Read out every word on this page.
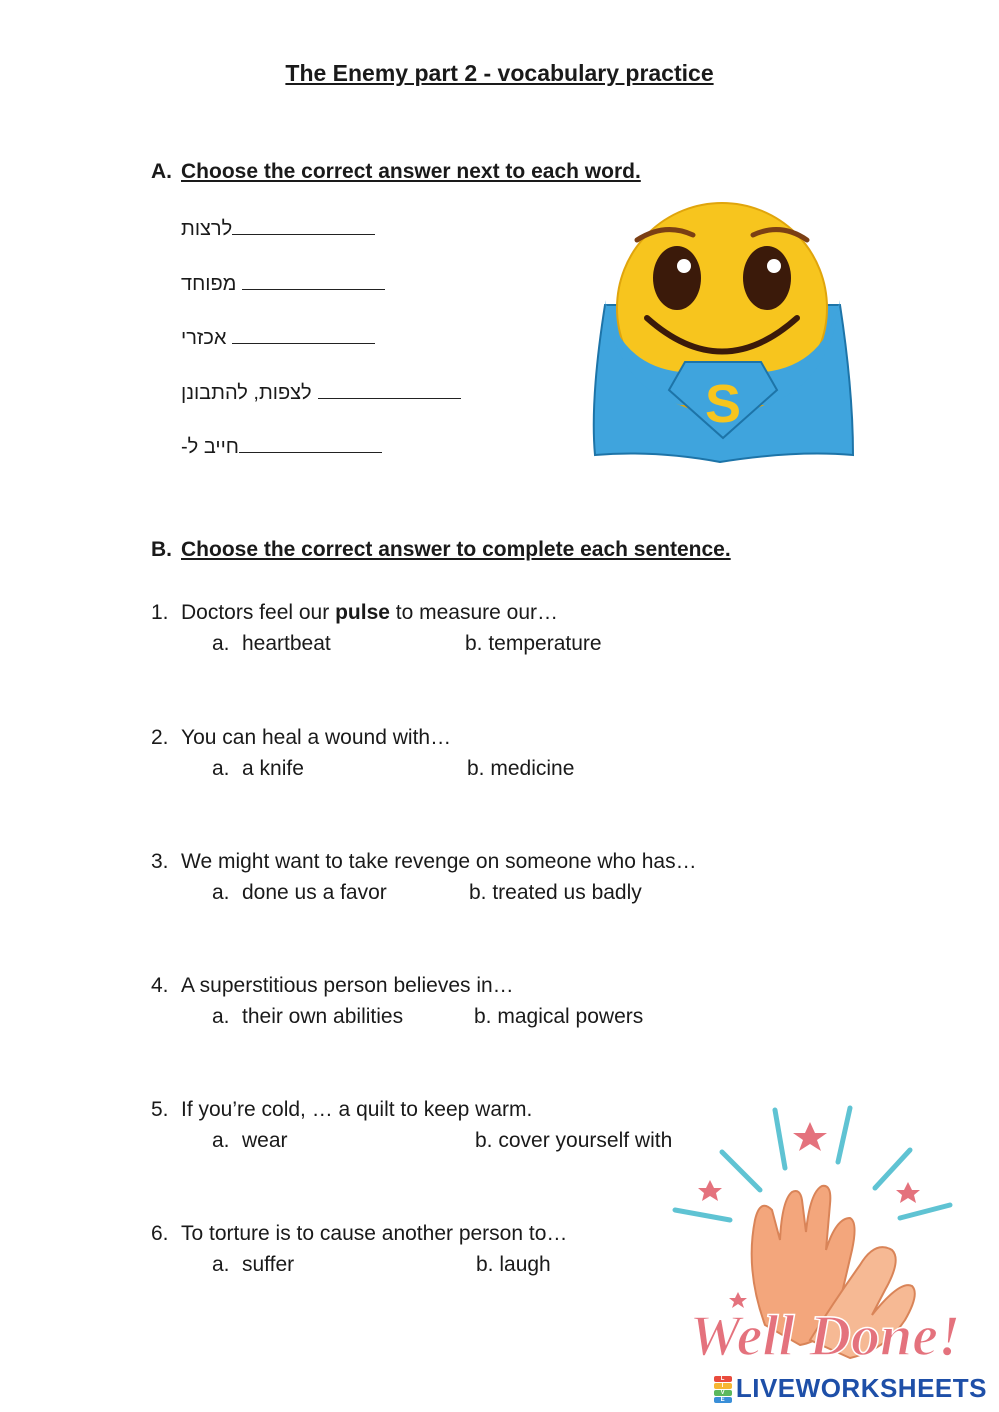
The Enemy part 2 - vocabulary practice
A. Choose the correct answer next to each word.
לרצות
מפוחד
אכזרי
לצפות, להתבונן
חייב ל-
S
B. Choose the correct answer to complete each sentence.
1. Doctors feel our pulse to measure our…
a. heartbeat	b. temperature
2. You can heal a wound with…
a. a knife	b. medicine
3. We might want to take revenge on someone who has…
a. done us a favor	b. treated us badly
4. A superstitious person believes in…
a. their own abilities	b. magical powers
5. If you’re cold, … a quilt to keep warm.
a. wear	b. cover yourself with
6. To torture is to cause another person to…
a. suffer	b. laugh
Well Done!
L
I
V
E LIVEWORKSHEETS
